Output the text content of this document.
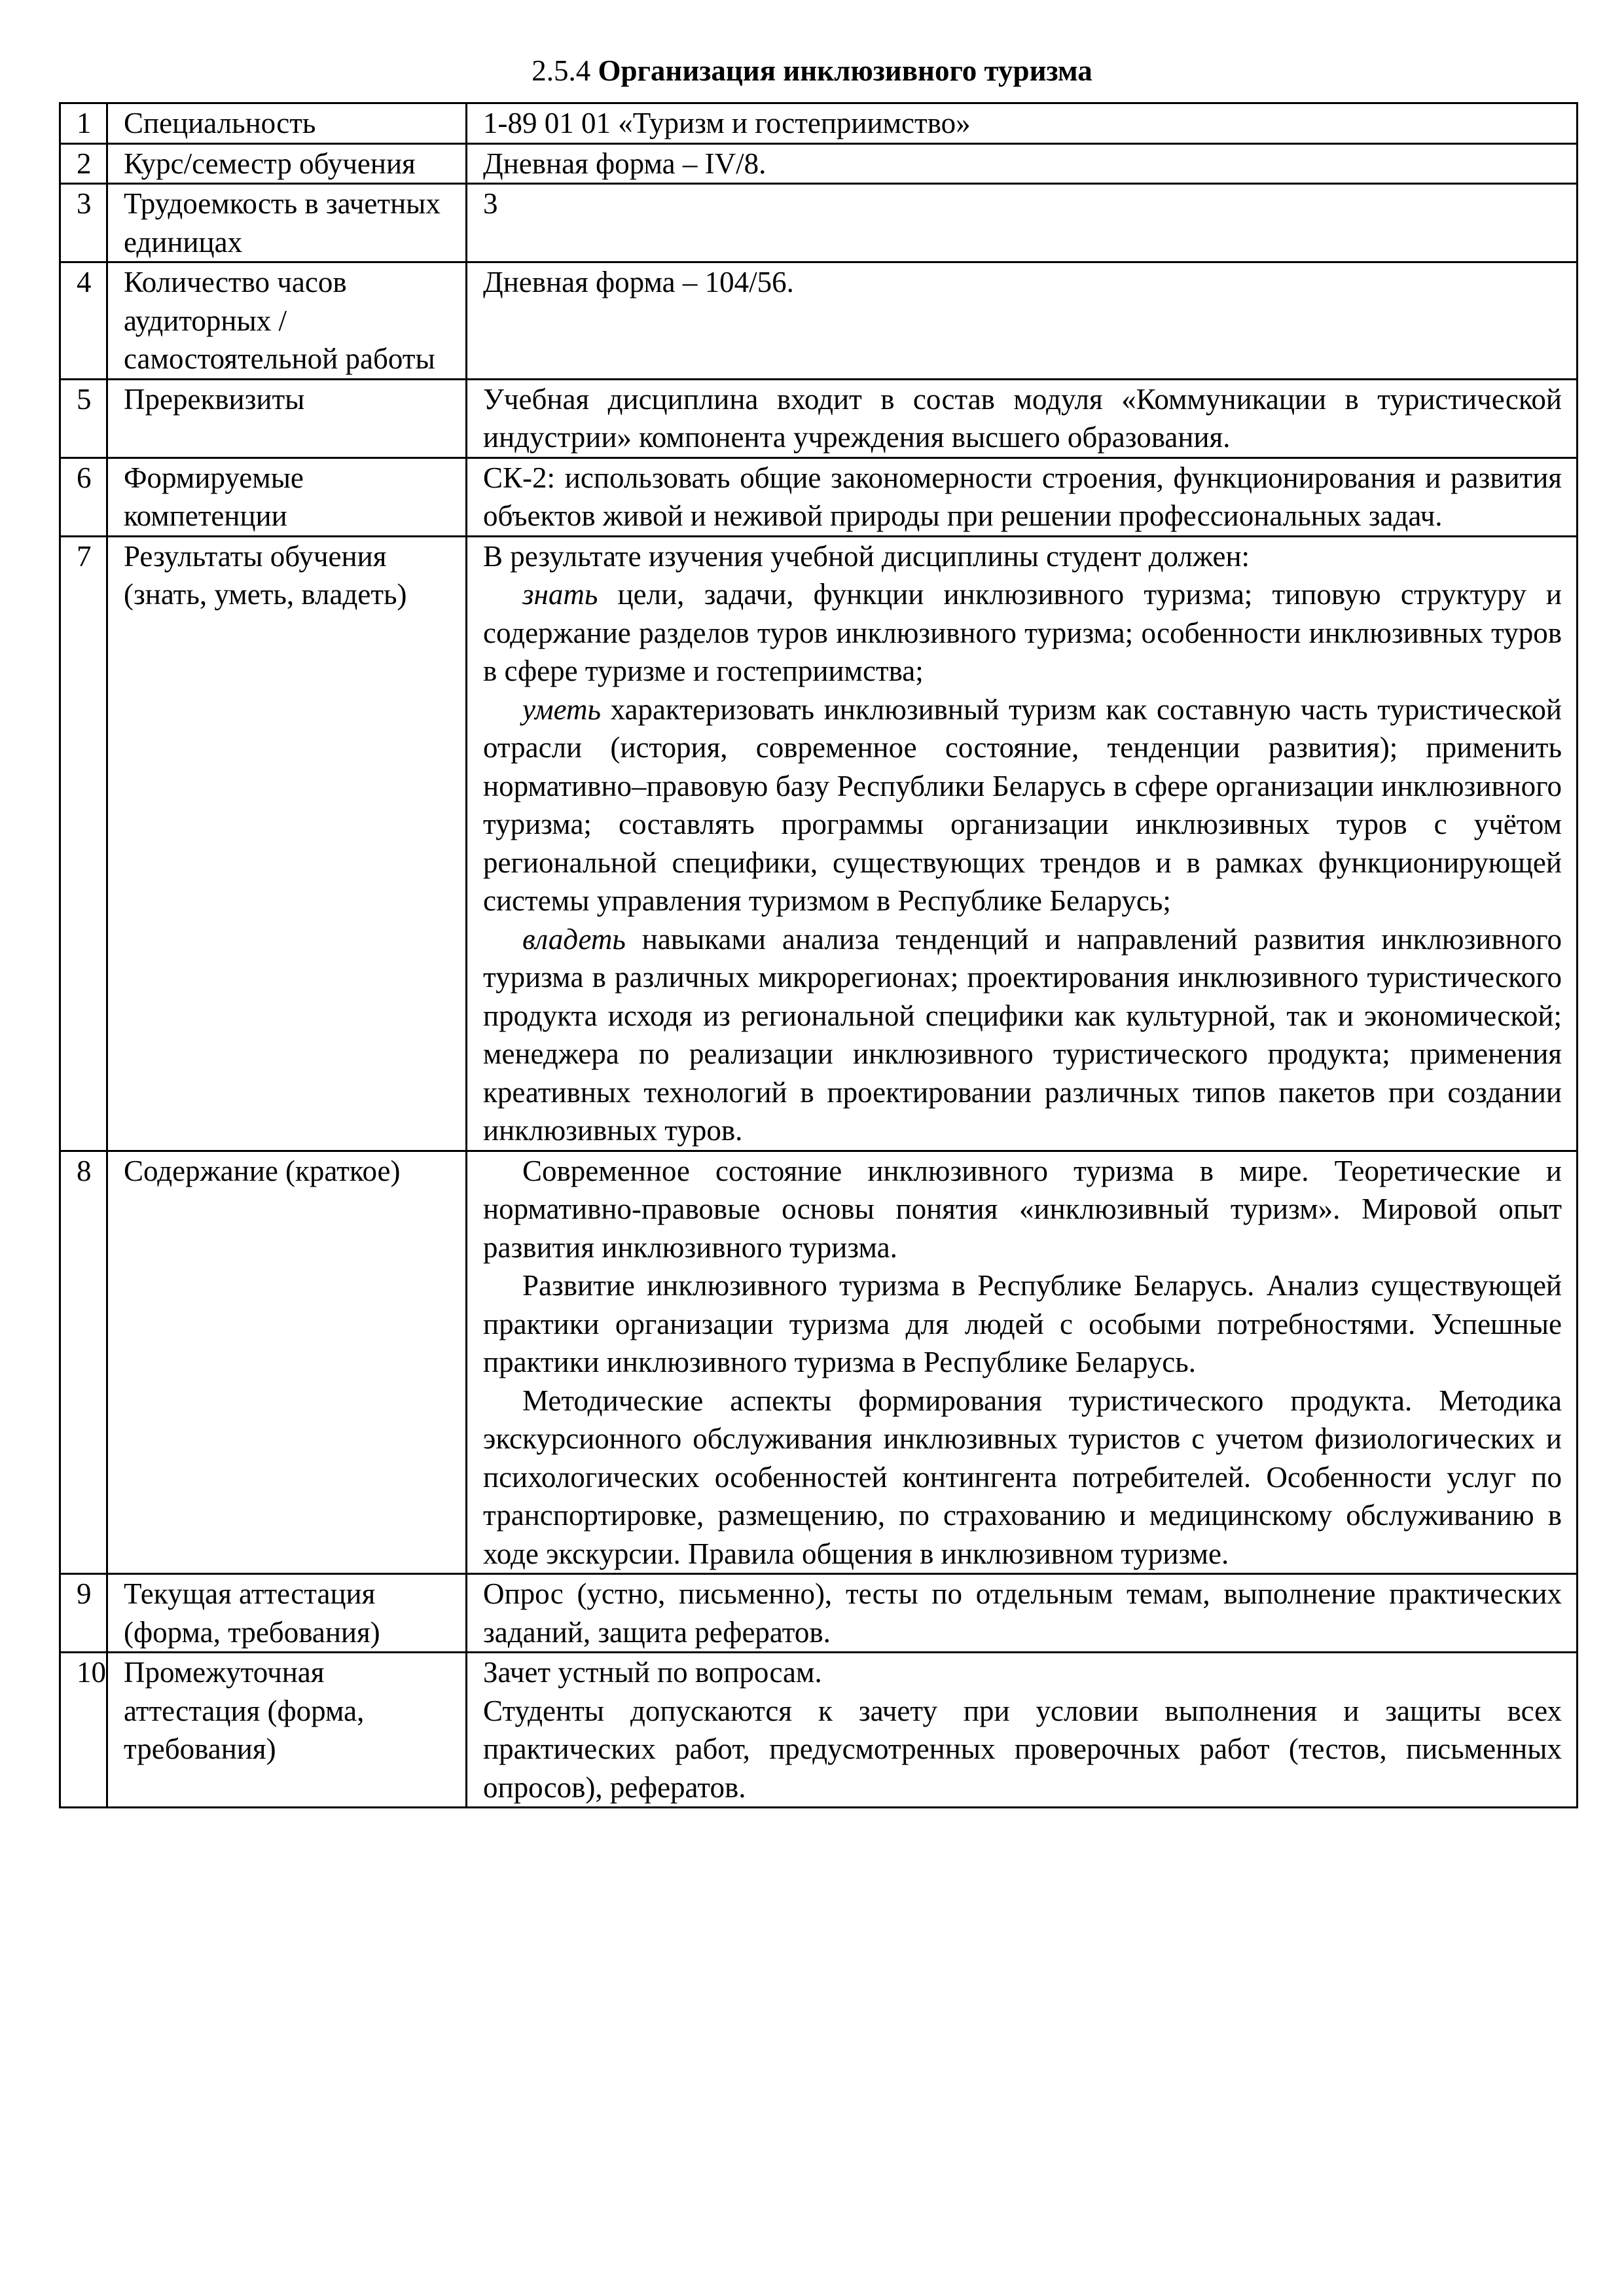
2.5.4 Организация инклюзивного туризма
1	Специальность	1-89 01 01 «Туризм и гостеприимство»

2	Курс/семестр обучения	Дневная форма – IV/8.

3	Трудоемкость в зачетных единицах	3

4	Количество часов аудиторных / самостоятельной работы	Дневная форма – 104/56.

5	Пререквизиты	Учебная дисциплина входит в состав модуля «Коммуникации в туристической индустрии» компонента учреждения высшего образования.

6	Формируемые компетенции	СК-2: использовать общие закономерности строения, функционирования и развития объектов живой и неживой природы при решении профессиональных задач.

7	Результаты обучения (знать, уметь, владеть)	В результате изучения учебной дисциплины студент должен:
знать цели, задачи, функции инклюзивного туризма; типовую структуру и содержание разделов туров инклюзивного туризма; особенности инклюзивных туров в сфере туризме и гостеприимства;
уметь характеризовать инклюзивный туризм как составную часть туристической отрасли (история, современное состояние, тенденции развития); применить нормативно–правовую базу Республики Беларусь в сфере организации инклюзивного туризма; составлять программы организации инклюзивных туров с учётом региональной специфики, существующих трендов и в рамках функционирующей системы управления туризмом в Республике Беларусь;
владеть навыками анализа тенденций и направлений развития инклюзивного туризма в различных микрорегионах; проектирования инклюзивного туристического продукта исходя из региональной специфики как культурной, так и экономической; менеджера по реализации инклюзивного туристического продукта; применения креативных технологий в проектировании различных типов пакетов при создании инклюзивных туров.

8	Содержание (краткое)	Современное состояние инклюзивного туризма в мире. Теоретические и нормативно-правовые основы понятия «инклюзивный туризм». Мировой опыт развития инклюзивного туризма.
Развитие инклюзивного туризма в Республике Беларусь. Анализ существующей практики организации туризма для людей с особыми потребностями. Успешные практики инклюзивного туризма в Республике Беларусь.
Методические аспекты формирования туристического продукта. Методика экскурсионного обслуживания инклюзивных туристов с учетом физиологических и психологических особенностей контингента потребителей. Особенности услуг по транспортировке, размещению, по страхованию и медицинскому обслуживанию в ходе экскурсии. Правила общения в инклюзивном туризме.

9	Текущая аттестация (форма, требования)	Опрос (устно, письменно), тесты по отдельным темам, выполнение практических заданий, защита рефератов.

10	Промежуточная аттестация (форма, требования)	Зачет устный по вопросам.
Студенты допускаются к зачету при условии выполнения и защиты всех практических работ, предусмотренных проверочных работ (тестов, письменных опросов), рефератов.
